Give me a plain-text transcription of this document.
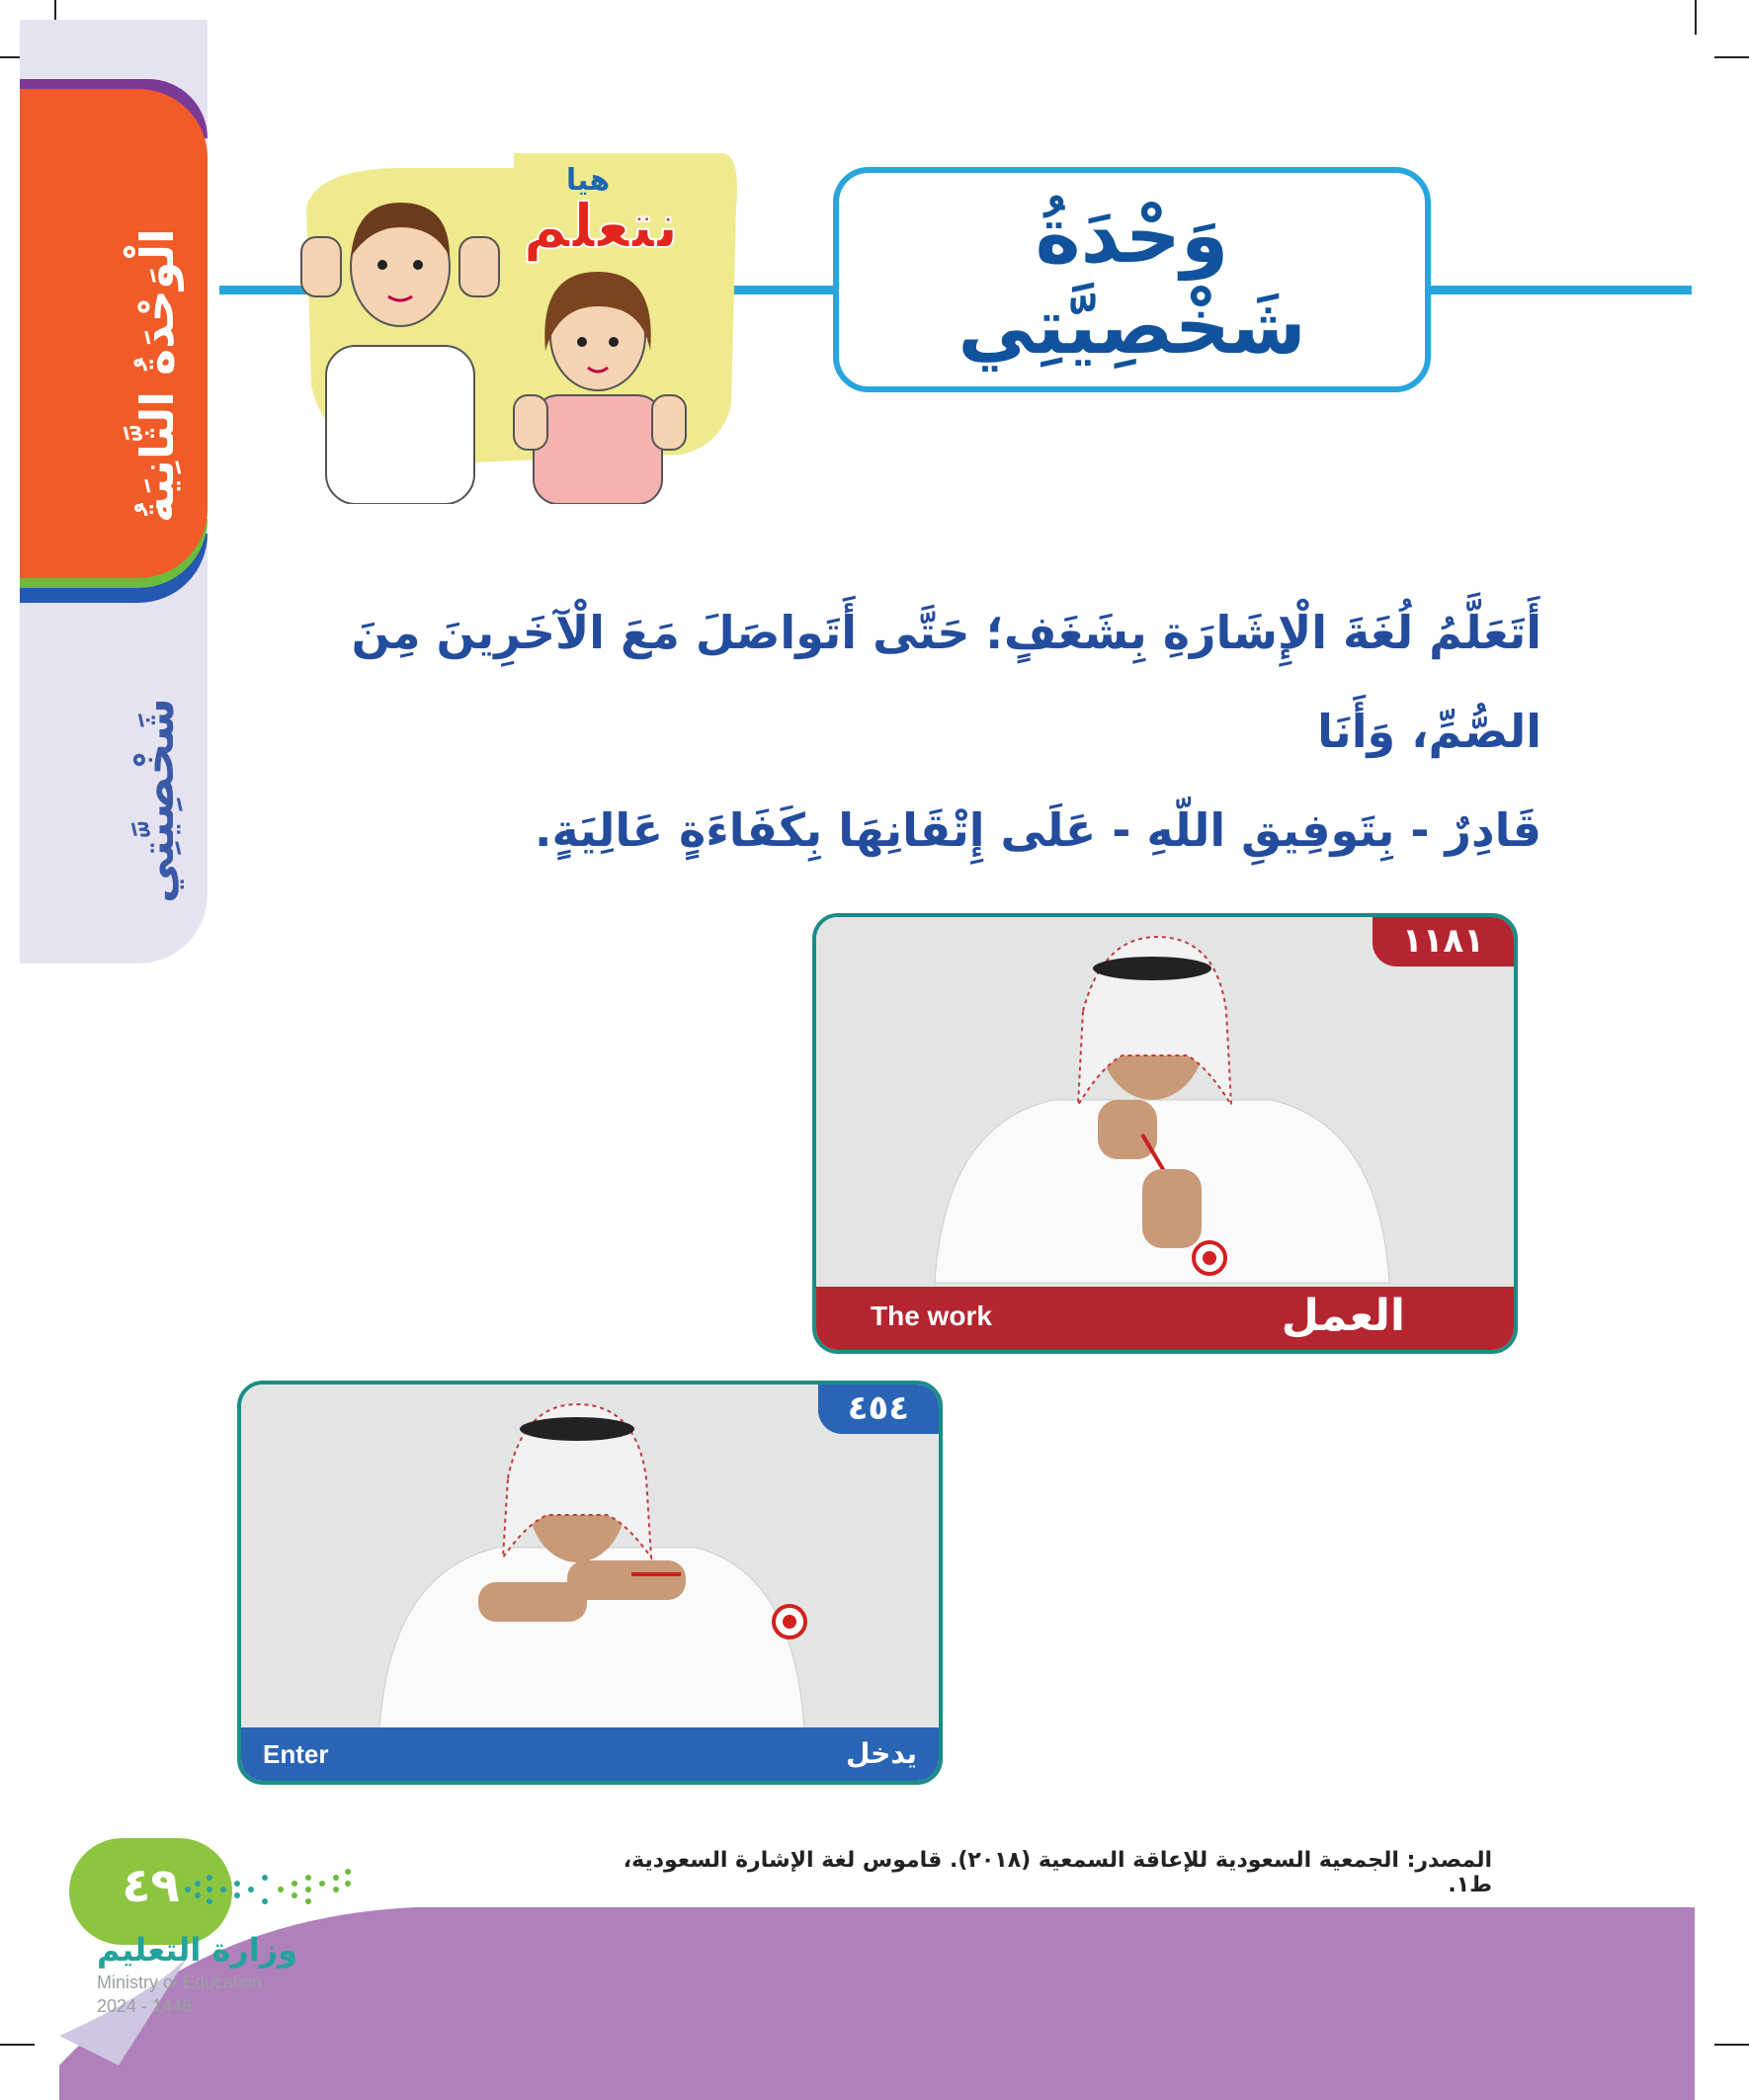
الْوَحْدَةُ الثَّانِيَةُ
شَخْصِيَّتِي
هيا
نتعلم	وَحْدَةُ
شَخْصِيَّتِي
أَتَعَلَّمُ لُغَةَ الْإِشَارَةِ بِشَغَفٍ؛ حَتَّى أَتَواصَلَ مَعَ الْآخَرِينَ مِنَ الصُّمِّ، وَأَنَا
قَادِرٌ - بِتَوفِيقِ اللّهِ - عَلَى إِتْقَانِهَا بِكَفَاءَةٍ عَالِيَةٍ.
١١٨١
The work	العمل
٤٥٤
Enter	يدخل
المصدر: الجمعية السعودية للإعاقة السمعية (٢٠١٨). قاموس لغة الإشارة السعودية، ط١.
٤٩
وزارة التعليم
Ministry of Education
2024 - 1446
